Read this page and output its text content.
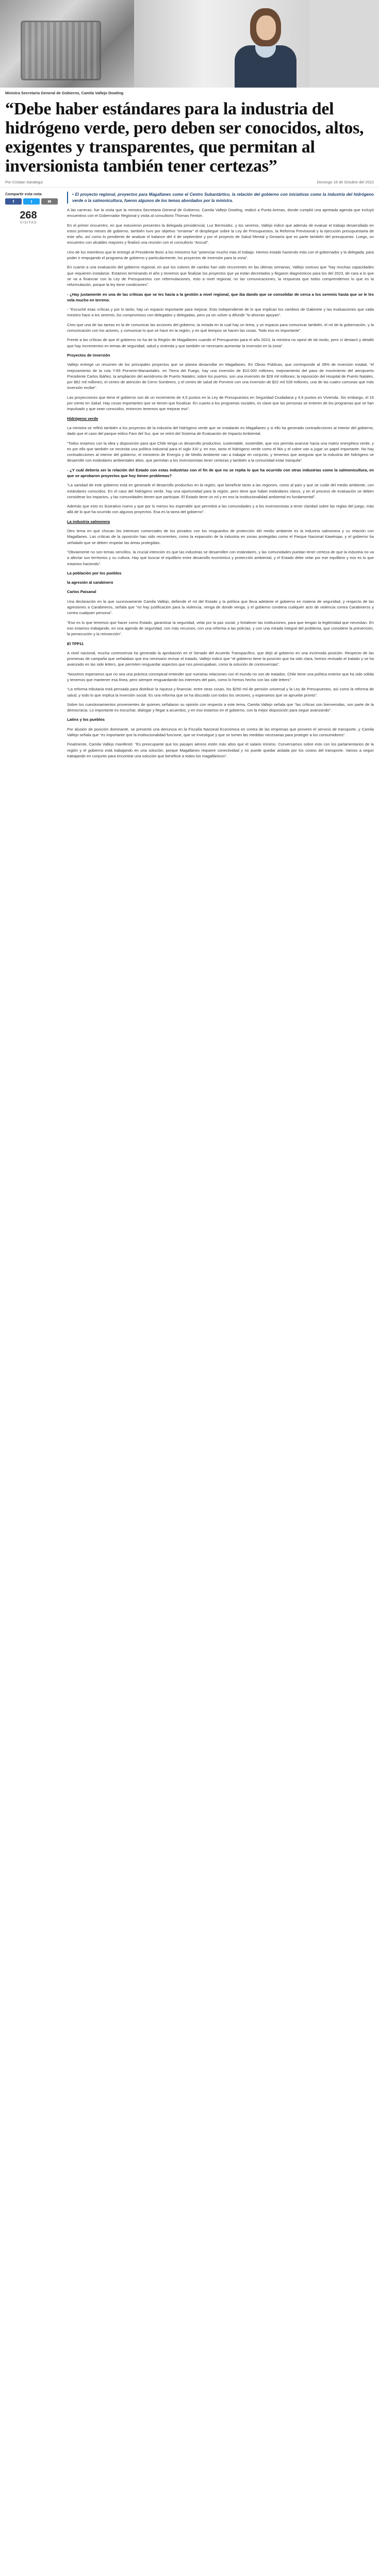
Ministra Secretaria General de Gobierno, Camila Vallejo Dowling
“Debe haber estándares para la industria del hidrógeno verde, pero deben ser conocidos, altos, exigentes y transparentes, que permitan al inversionista también tener certezas”
Por Cristian Saralegui	Domingo 16 de Octubre del 2022
Compartir esta nota
f	t	✉
268
VISITAS

• El proyecto regional, proyectos para Magallanes como el Centro Subantártico, la relación del gobierno con iniciativas como la industria del hidrógeno verde o la salmonicultura, fueron algunos de los temas abordados por la ministra.

A las carreras: fue la visita que la ministra Secretaria General de Gobierno, Camila Vallejo Dowling, realizó a Punta Arenas, donde cumplió una apretada agenda que incluyó encuentros con el Gobernador Regional y visita al consultorio Thomas Fenton.

En el primer encuentro, en que estuvieron presentes la delegada presidencial, Luz Bermúdez, y los seremis, Vallejo indicó que además de evaluar el trabajo desarrollado en estos primeros meses de gobierno, también tuvo por objetivo “ornamar” el despliegue sobre la Ley de Presupuestos, la Reforma Previsional y la ejecución presupuestaria de este año, así como lo pendiente de analizar el balance del 4 de septiembre y por el proyecto de Salud Mental y Gestaría que es parte también del presupuesto. Luego, un encuentro con alcaldes mayores y finalizó una reunión con el consultorio “Ancud”.

Uno de los miembros que le entregó al Presidente Boric a los ministros fue “potenciar mucho más el trabajo. Hemos estado haciendo más con el gobernador y la delegada, para poder ir empujando el programa de gobierno y particularmente, los proyectos de inversión para la zona”.

En cuanto a una evaluación del gobierno regional, en que los colores de cambio han sido recurrentes en las últimas semanas, Vallejo sostuvo que “hay muchas capacidades que requieren instalarse. Estamos terminando el año y tenemos que finalizar los proyectos que ya están decretados y llegaron diagnósticos para los del 2023, de cara a lo que se va a financiar con la Ley de Presupuestos con reformulaciones, esto a nivel regional, no las comunicaciones, la respuesta que todos comprendemos lo que es la reformulación, porque la ley tiene condiciones”.

- ¿Hay justamente en una de las críticas que se les hacía a la gestión a nivel regional, que iba dando que se consolidar de cerca a los seremis hasta que se le les vela mucho en terreno.

- “Escuché esas críticas y por lo tanto, hay un espacio importante para mejorar. Esto independiente de lo que implican los cambios de Gabinete y las evaluaciones que cada ministro hace a los seremis, los compromisos con delegados y delegadas, pero ya sin volver a difundir “lo ahorran apoyan”.

Creo que una de las tareas es la de comunicar las acciones del gobierno, la mirada en la cual hay un tema, y un espacio para comunicar también, el rol de la gobernación, y la comunicación con los actores, y comunicar lo que se hace en la región, y en qué tiempos se hacen las cosas. Todo eso es importante”.

Frente a las críticas de que el gobierno no ha de la Región de Magallanes cuando el Presupuesto para el año 2023, la ministra no opinó de tal modo, pero sí destacó y detalló que hay incrementos en temas de seguridad, salud y vivienda y que también ve necesario aumentar la inversión en la zona”.

Proyectos de inversión

Vallejo entregó un resumen de los principales proyectos que se planea desarrollar en Magallanes. En Obras Públicas, que corresponde al 39% de inversión estatal, “el mejoramiento de la ruta Y-65 Porvenir-Manantiales, en Tierra del Fuego, hay una inversión de $10.000 millones; mejoramiento del paso de movimiento del aeropuerto Presidente Carlos Ibáñez, la ampliación del aeródromo de Puerto Natales; sobre los puertos, son una inversión de $28 mil millones; la reposición del Hospital de Puerto Natales, por $62 mil millones; el centro de atención de Cerro Sombrero, y el centro de salud de Porvenir con una inversión de $22 mil 028 millones, una de las cuatro comunas que más inversión recibe”.

Las proyecciones que tiene el gobierno son de un incremento de 4,5 puntos en la Ley de Presupuestos en Seguridad Ciudadana y 4,6 puntos en Vivienda. Sin embargo, el 16 por ciento en Salud. Hay cosas importantes que se tienen que focalizar. En cuanto a los programas sociales, es clave que las personas se enteren de los programas que se han impulsado y que sean conocidos, entonces tenemos que mejorar eso”.

Hidrógeno verde

La ministra se refirió también a los proyectos de la industria del hidrógeno verde que se instalarán en Magallanes y si ello ha generado contradicciones al interior del gobierno, dado que el caso del parque eólico Faro del Sur, que se retiró del Sistema de Evaluación de Impacto Ambiental.

“Todos estamos con la idea y disposición para que Chile tenga un desarrollo productivo, sustentable, sostenible, que nos permita avanzar hacia una matriz energética verde, y es por ello que también se necesita una política industrial para el siglo XXI y, en eso, tanto el hidrógeno verde como el litio y el cobre van a jugar un papel importante. No hay contradicciones al interior del gobierno, el ministerio de Energía y de Medio Ambiente van a trabajar en conjunto, y tenemos que asegurar que la industria del hidrógeno se desarrolle con estándares ambientales altos, que permitan a los inversionistas tener certezas y también a la comunidad estar tranquila”.

- ¿Y cuál debería ser la relación del Estado con estas industrias con el fin de que no se repita lo que ha ocurrido con otras industrias como la salmonicultura, en que se aprobaron proyectos que hoy tienen problemas?

“La sanidad de este gobierno está en generarle el desarrollo productivo en la región, que beneficie tanto a las regiones, como al país y que se cuide del medio ambiente, con estándares conocidos. En el caso del hidrógeno verde, hay una oportunidad para la región, pero tiene que haber estándares claros, y en el proceso de evaluación se deben considerar los impactos, y las comunidades tienen que participar. El Estado tiene un rol y en eso la institucionalidad ambiental es fundamental”.

Además que esto es ilustrativo nuevo y que por lo menos los esperable que permitirá a las comunidades y a los inversionistas a tener claridad sobre las reglas del juego, más allá de lo que ha ocurrido con algunos proyectos. Esa es la tarea del gobierno”.

La industria salmonera

Otro tema en que chocan los intereses comerciales de los privados con los resguardos de protección del medio ambiente es la industria salmonera y su relación con Magallanes. Las críticas de la oposición han sido recurrentes, como la expansión de la industria en zonas protegidas como el Parque Nacional Kawésqar, y el gobierno ha señalado que se deben respetar las áreas protegidas.

“Obviamente no son temas sencillos, la crucial intención es que las industrias se desarrollen con estándares, y las comunidades puedan tener certeza de que la industria no va a afectar sus territorios y su cultura. Hay que buscar el equilibrio entre desarrollo económico y protección ambiental, y el Estado debe velar por ese equilibrio y eso es lo que estamos haciendo”.

La población por los pueblos

la agresión al carabinero

Carlos Paisanal

Una declaración en la que sucesivamente Camila Vallejo, defiende el rol del Estado y la política que lleva adelante el gobierno en materia de seguridad, y respecto de las agresiones a Carabineros, señala que “no hay justificación para la violencia, venga de donde venga, y el gobierno condena cualquier acto de violencia contra Carabineros y contra cualquier persona”.

“Eso es lo que tenemos que hacer como Estado, garantizar la seguridad, velar por la paz social, y fortalecer las instituciones, para que tengan la legitimidad que necesitan. En eso estamos trabajando, en una agenda de seguridad, con más recursos, con una reforma a las policías, y con una mirada integral del problema, que considere la prevención, la persecución y la reinserción”.

El TPP11

A nivel nacional, mucha controversia ha generado la aprobación en el Senado del Acuerdo Transpacífico, que dejó al gobierno en una incómoda posición. Respecto de las promesas de campaña que señalaban que era necesario revisar el tratado, Vallejo indicó que “el gobierno tiene la posición que ha sido clara, hemos revisado el tratado y se ha avanzado en las side letters, que permiten resguardar aspectos que nos preocupaban, como la solución de controversias”.

“Nosotros esperamos que no sea una práctica conceptual entender que nuestras relaciones con el mundo no son de tratados. Chile tiene una política exterior que ha sido sólida y tenemos que mantener esa línea, pero siempre resguardando los intereses del país, como lo hemos hecho con las side letters”.

“La reforma tributaria está pensada para distribuir la riqueza y financiar, entre otras cosas, los $250 mil de pensión universal y la Ley de Presupuestos, así como la reforma de salud, y todo lo que implica la inversión social. Es una reforma que se ha discutido con todos los sectores, y esperamos que se apruebe pronto”.

Sobre los cuestionamientos provenientes de quienes señalaron su opinión con respecto a este tema, Camila Vallejo señala que “las críticas son bienvenidas, son parte de la democracia. Lo importante es escuchar, dialogar y llegar a acuerdos, y en eso estamos en el gobierno, con la mejor disposición para seguir avanzando”.

Latinx y los pueblos

Por alusión de posición dominante, se presentó una denuncia en la Fiscalía Nacional Económica en contra de las empresas que proveen el servicio de transporte, y Camila Vallejo señala que “es importante que la institucionalidad funcione, que se investigue y que se tomen las medidas necesarias para proteger a los consumidores”.

Finalmente, Camila Vallejo manifestó: “Es preocupante que los pasajes aéreos estén más altos que el salario mínimo. Conversamos sobre esto con los parlamentarios de la región y el gobierno está trabajando en una solución, porque Magallanes requiere conectividad y no puede quedar aislada por los costos del transporte. Vamos a seguir trabajando en conjunto para encontrar una solución que beneficie a todos los magallánicos”.
